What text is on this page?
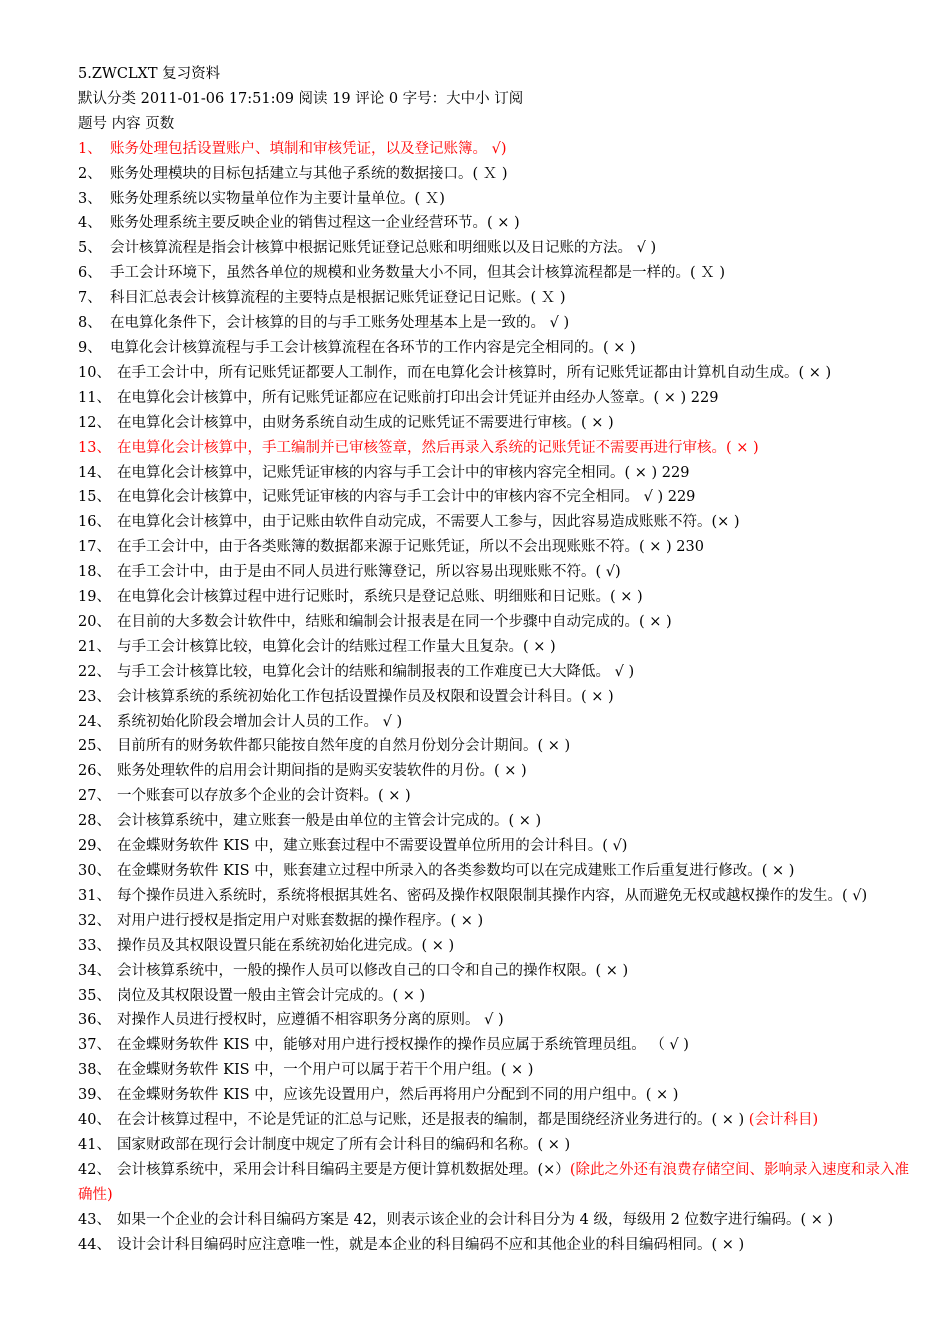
5.ZWCLXT 复习资料
默认分类 2011-01-06 17:51:09 阅读 19 评论 0 字号：大中小 订阅
题号 内容 页数
1、 账务处理包括设置账户、填制和审核凭证，以及登记账簿。 √)
2、 账务处理模块的目标包括建立与其他子系统的数据接口。( Ｘ )
3、 账务处理系统以实物量单位作为主要计量单位。( Ｘ)
4、 账务处理系统主要反映企业的销售过程这一企业经营环节。( × )
5、 会计核算流程是指会计核算中根据记账凭证登记总账和明细账以及日记账的方法。 √ )
6、 手工会计环境下，虽然各单位的规模和业务数量大小不同，但其会计核算流程都是一样的。( Ｘ )
7、 科目汇总表会计核算流程的主要特点是根据记账凭证登记日记账。( Ｘ )
8、 在电算化条件下，会计核算的目的与手工账务处理基本上是一致的。 √ )
9、 电算化会计核算流程与手工会计核算流程在各环节的工作内容是完全相同的。( × )
10、 在手工会计中，所有记账凭证都要人工制作，而在电算化会计核算时，所有记账凭证都由计算机自动生成。( × )
11、 在电算化会计核算中，所有记账凭证都应在记账前打印出会计凭证并由经办人签章。( × ) 229
12、 在电算化会计核算中，由财务系统自动生成的记账凭证不需要进行审核。( × )
13、 在电算化会计核算中，手工编制并已审核签章，然后再录入系统的记账凭证不需要再进行审核。( × )
14、 在电算化会计核算中，记账凭证审核的内容与手工会计中的审核内容完全相同。( × ) 229
15、 在电算化会计核算中，记账凭证审核的内容与手工会计中的审核内容不完全相同。 √ ) 229
16、 在电算化会计核算中，由于记账由软件自动完成，不需要人工参与，因此容易造成账账不符。(× )
17、 在手工会计中，由于各类账簿的数据都来源于记账凭证，所以不会出现账账不符。( × ) 230
18、 在手工会计中，由于是由不同人员进行账簿登记，所以容易出现账账不符。( √)
19、 在电算化会计核算过程中进行记账时，系统只是登记总账、明细账和日记账。( × )
20、 在目前的大多数会计软件中，结账和编制会计报表是在同一个步骤中自动完成的。( × )
21、 与手工会计核算比较，电算化会计的结账过程工作量大且复杂。( × )
22、 与手工会计核算比较，电算化会计的结账和编制报表的工作难度已大大降低。 √ )
23、 会计核算系统的系统初始化工作包括设置操作员及权限和设置会计科目。( × )
24、 系统初始化阶段会增加会计人员的工作。 √ )
25、 目前所有的财务软件都只能按自然年度的自然月份划分会计期间。( × )
26、 账务处理软件的启用会计期间指的是购买安装软件的月份。( × )
27、 一个账套可以存放多个企业的会计资料。( × )
28、 会计核算系统中，建立账套一般是由单位的主管会计完成的。( × )
29、 在金蝶财务软件 KIS 中，建立账套过程中不需要设置单位所用的会计科目。( √)
30、 在金蝶财务软件 KIS 中，账套建立过程中所录入的各类参数均可以在完成建账工作后重复进行修改。( × )
31、 每个操作员进入系统时，系统将根据其姓名、密码及操作权限限制其操作内容，从而避免无权或越权操作的发生。( √)
32、 对用户进行授权是指定用户对账套数据的操作程序。( × )
33、 操作员及其权限设置只能在系统初始化进完成。( × )
34、 会计核算系统中，一般的操作人员可以修改自己的口令和自己的操作权限。( × )
35、 岗位及其权限设置一般由主管会计完成的。( × )
36、 对操作人员进行授权时，应遵循不相容职务分离的原则。 √ )
37、 在金蝶财务软件 KIS 中，能够对用户进行授权操作的操作员应属于系统管理员组。 （ √ )
38、 在金蝶财务软件 KIS 中，一个用户可以属于若干个用户组。( × )
39、 在金蝶财务软件 KIS 中，应该先设置用户，然后再将用户分配到不同的用户组中。( × )
40、 在会计核算过程中，不论是凭证的汇总与记账，还是报表的编制，都是围绕经济业务进行的。( × ) (会计科目)
41、 国家财政部在现行会计制度中规定了所有会计科目的编码和名称。( × )
42、 会计核算系统中，采用会计科目编码主要是方便计算机数据处理。(×）(除此之外还有浪费存储空间、影响录入速度和录入准确性)
43、 如果一个企业的会计科目编码方案是 42，则表示该企业的会计科目分为 4 级，每级用 2 位数字进行编码。( × )
44、 设计会计科目编码时应注意唯一性，就是本企业的科目编码不应和其他企业的科目编码相同。( × )
